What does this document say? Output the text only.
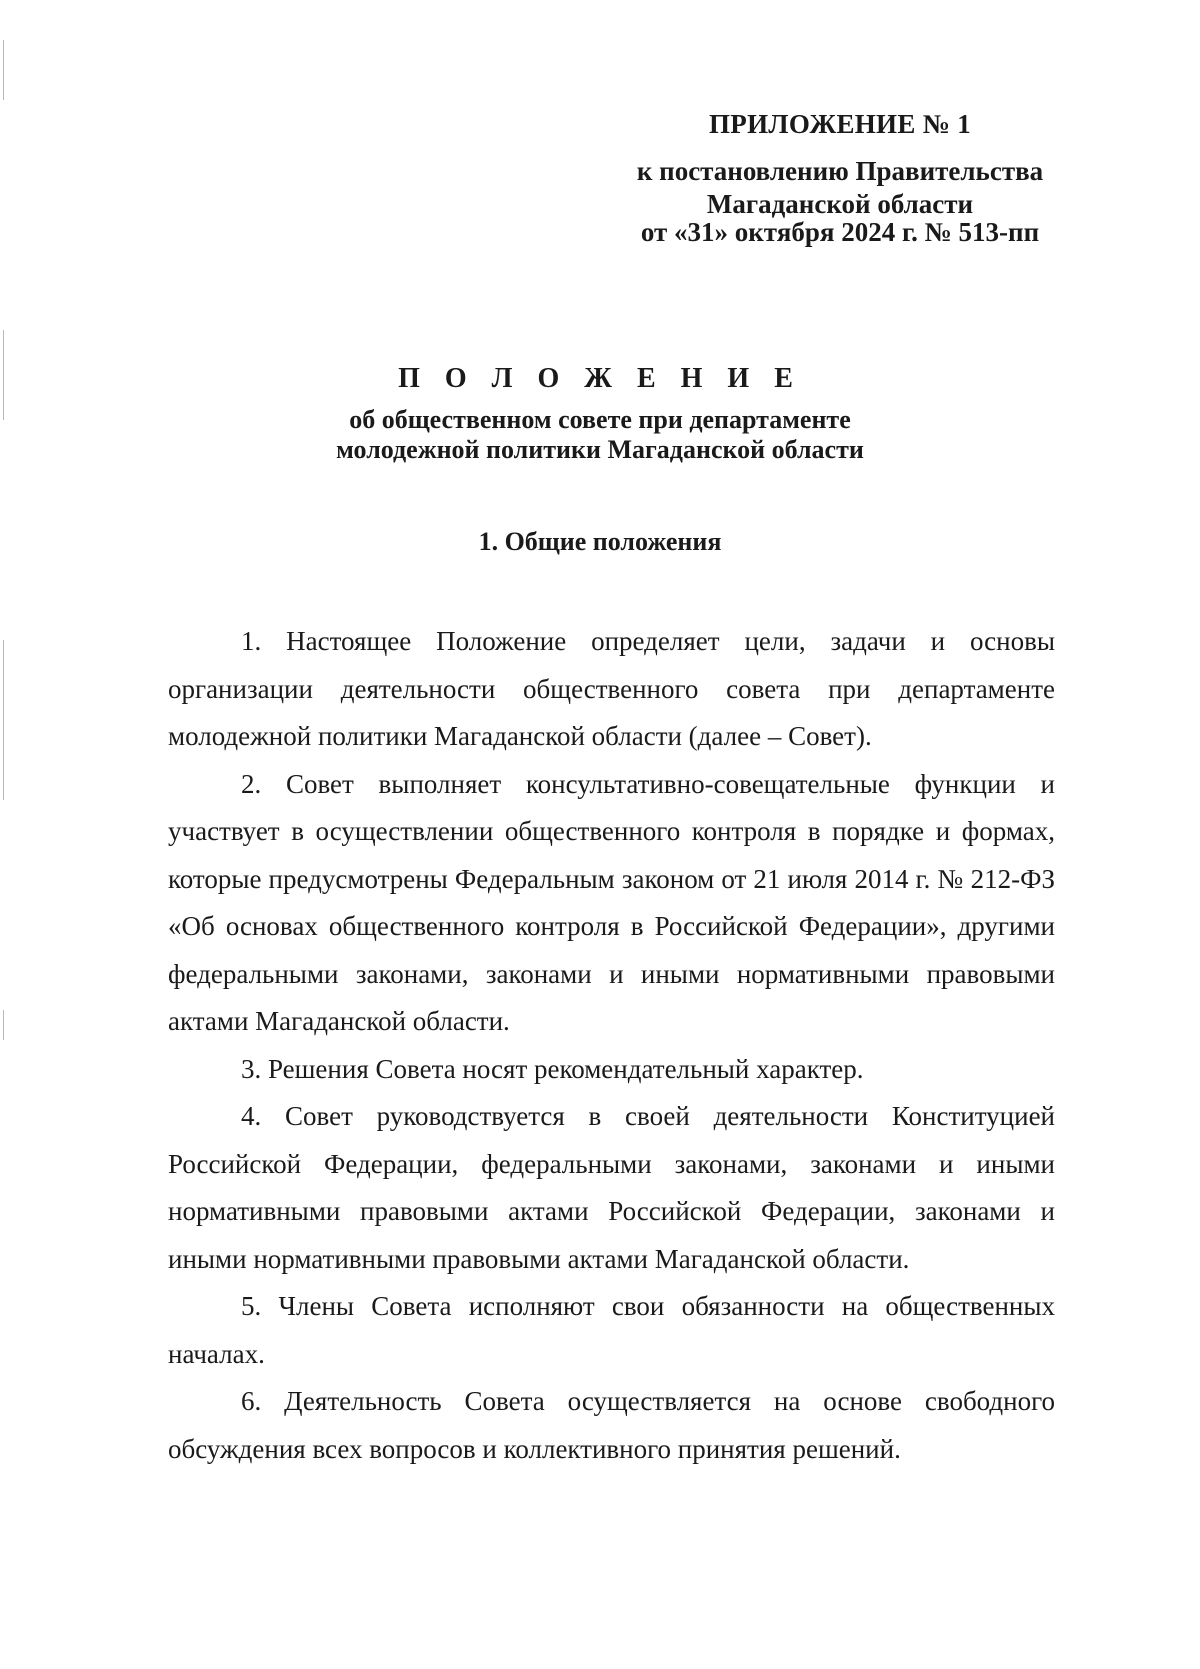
ПРИЛОЖЕНИЕ № 1
к постановлению Правительства
Магаданской области
от «31» октября 2024 г. № 513-пп
П О Л О Ж Е Н И Е
об общественном совете при департаменте
молодежной политики Магаданской области
1. Общие положения

1. Настоящее Положение определяет цели, задачи и основы организации деятельности общественного совета при департаменте молодежной политики Магаданской области (далее – Совет).

2. Совет выполняет консультативно-совещательные функции и участвует в осуществлении общественного контроля в порядке и формах, которые предусмотрены Федеральным законом от 21 июля 2014 г. № 212-ФЗ «Об основах общественного контроля в Российской Федерации», другими федеральными законами, законами и иными нормативными правовыми актами Магаданской области.

3. Решения Совета носят рекомендательный характер.

4. Совет руководствуется в своей деятельности Конституцией Российской Федерации, федеральными законами, законами и иными нормативными правовыми актами Российской Федерации, законами и иными нормативными правовыми актами Магаданской области.

5. Члены Совета исполняют свои обязанности на общественных началах.

6. Деятельность Совета осуществляется на основе свободного обсуждения всех вопросов и коллективного принятия решений.
